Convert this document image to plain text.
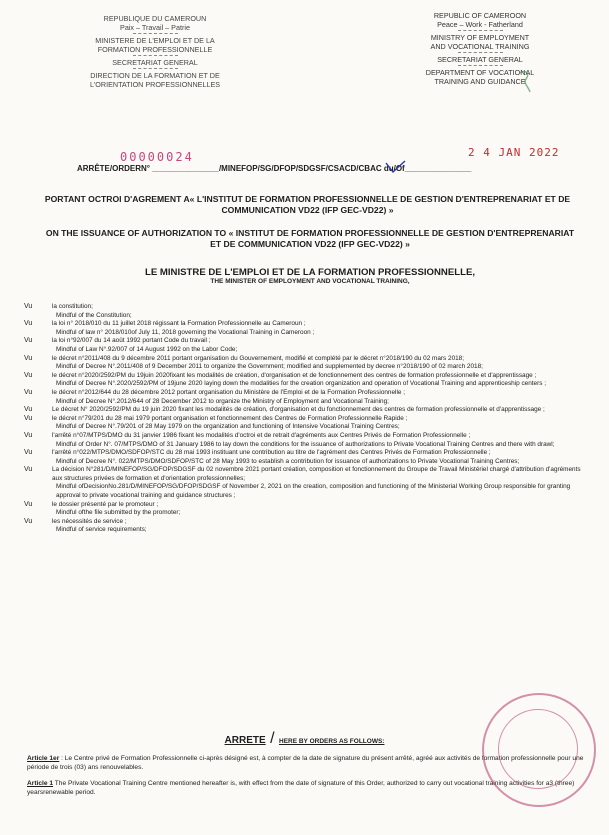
REPUBLIQUE DU CAMEROUN
Paix – Travail – Patrie
MINISTERE DE L'EMPLOI ET DE LA
FORMATION PROFESSIONNELLE
SECRETARIAT GENERAL
DIRECTION DE LA FORMATION ET DE
L'ORIENTATION PROFESSIONNELLES
REPUBLIC OF CAMEROON
Peace – Work - Fatherland
MINISTRY OF EMPLOYMENT
AND VOCATIONAL TRAINING
SECRETARIAT GENERAL
DEPARTMENT OF VOCATIONAL
TRAINING AND GUIDANCE
00000024	2 4 JAN 2022
ARRÊTE/ORDERN° _______________/MINEFOP/SG/DFOP/SDGSF/CSACD/CBAC du/Of_______________
PORTANT OCTROI D'AGREMENT A« L'INSTITUT DE FORMATION PROFESSIONNELLE DE GESTION D'ENTREPRENARIAT ET DE COMMUNICATION VD22 (IFP GEC-VD22) »
ON THE ISSUANCE OF AUTHORIZATION TO « INSTITUT DE FORMATION PROFESSIONNELLE DE GESTION D'ENTREPRENARIAT ET DE COMMUNICATION VD22 (IFP GEC-VD22) »
LE MINISTRE DE L'EMPLOI ET DE LA FORMATION PROFESSIONNELLE,
THE MINISTER OF EMPLOYMENT AND VOCATIONAL TRAINING,
Vu	la constitution;
Mindful of the Constitution;
Vu	la loi n° 2018/010 du 11 juillet 2018 régissant la Formation Professionnelle au Cameroun ;
Mindful of law n° 2018/010of July 11, 2018 governing the Vocational Training in Cameroon ;
Vu	la loi n°92/007 du 14 août 1992 portant Code du travail ;
Mindful of Law N°.92/007 of 14 August 1992 on the Labor Code;
Vu	le décret n°2011/408 du 9 décembre 2011 portant organisation du Gouvernement, modifié et complété par le décret n°2018/190 du 02 mars 2018;
Mindful of Decree N°.2011/408 of 9 December 2011 to organize the Government; modified and supplemented by decree n°2018/190 of 02 march 2018;
Vu	le décret n°2020/2592/PM du 19juin 2020fixant les modalités de création, d'organisation et de fonctionnement des centres de formation professionnelle et d'apprentissage ;
Mindful of Decree N°.2020/2592/PM of 19june 2020 laying down the modalities for the creation organization and operation of Vocational Training and apprenticeship centers ;
Vu	le décret n°2012/644 du 28 décembre 2012 portant organisation du Ministère de l'Emploi et de la Formation Professionnelle ;
Mindful of Decree N°.2012/644 of 28 December 2012 to organize the Ministry of Employment and Vocational Training;
Vu	Le décret N° 2020/2592/PM du 19 juin 2020 fixant les modalités de création, d'organisation et du fonctionnement des centres de formation professionnelle et d'apprentissage ;
Vu	le décret n°79/201 du 28 mai 1979 portant organisation et fonctionnement des Centres de Formation Professionnelle Rapide ;
Mindful of Decree N°.79/201 of 28 May 1979 on the organization and functioning of Intensive Vocational Training Centres;
Vu	l'arrêté n°07/MTPS/DMO du 31 janvier 1986 fixant les modalités d'octroi et de retrait d'agréments aux Centres Privés de Formation Professionnelle ;
Mindful of Order N°. 07/MTPS/DMO of 31 January 1986 to lay down the conditions for the issuance of authorizations to Private Vocational Training Centres and there with drawl;
Vu	l'arrêté n°022/MTPS/DMO/SDFOP/STC du 28 mai 1993 instituant une contribution au titre de l'agrément des Centres Privés de Formation Professionnelle ;
Mindful of Decree N°. 022/MTPS/DMO/SDFOP/STC of 28 May 1993 to establish a contribution for issuance of authorizations to Private Vocational Training Centres;
Vu	La décision N°281/D/MINEFOP/SG/DFOP/SDGSF du 02 novembre 2021 portant création, composition et fonctionnement du Groupe de Travail Ministériel chargé d'attribution d'agréments aux structures privées de formation et d'orientation professionnelles;
Mindful ofDecisionNo.281/D/MINEFOP/SG/DFOP/SDGSF of November 2, 2021 on the creation, composition and functioning of the Ministerial Working Group responsible for granting approval to private vocational training and guidance structures ;
Vu	le dossier présenté par le promoteur ;
Mindful ofthe file submitted by the promoter;
Vu	les nécessités de service ;
Mindful of service requirements;
ARRETE / HERE BY ORDERS AS FOLLOWS:
Article 1er : Le Centre privé de Formation Professionnelle ci-après désigné est, à compter de la date de signature du présent arrêté, agréé aux activités de formation professionnelle pour une période de trois (03) ans renouvelables.
Article 1 The Private Vocational Training Centre mentioned hereafter is, with effect from the date of signature of this Order, authorized to carry out vocational training activities for a3 (three) yearsrenewable period.
